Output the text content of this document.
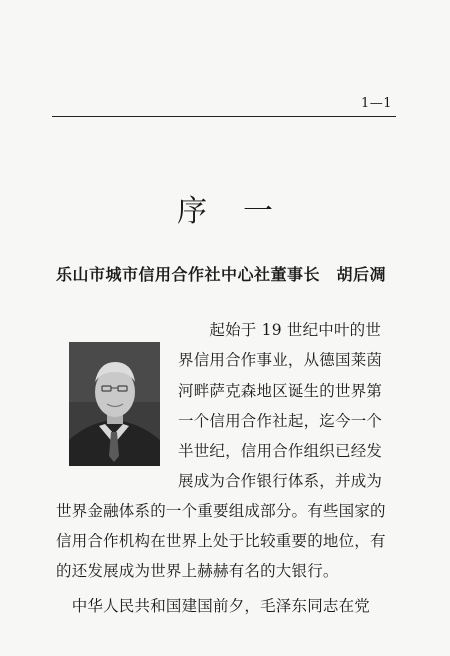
1—1
序一
乐山市城市信用合作社中心社董事长　胡后凋
　　起始于 19 世纪中叶的世
界信用合作事业，从德国莱茵
河畔萨克森地区诞生的世界第
一个信用合作社起，迄今一个
半世纪，信用合作组织已经发
展成为合作银行体系，并成为
世界金融体系的一个重要组成部分。有些国家的
信用合作机构在世界上处于比较重要的地位，有
的还发展成为世界上赫赫有名的大银行。
　中华人民共和国建国前夕，毛泽东同志在党
